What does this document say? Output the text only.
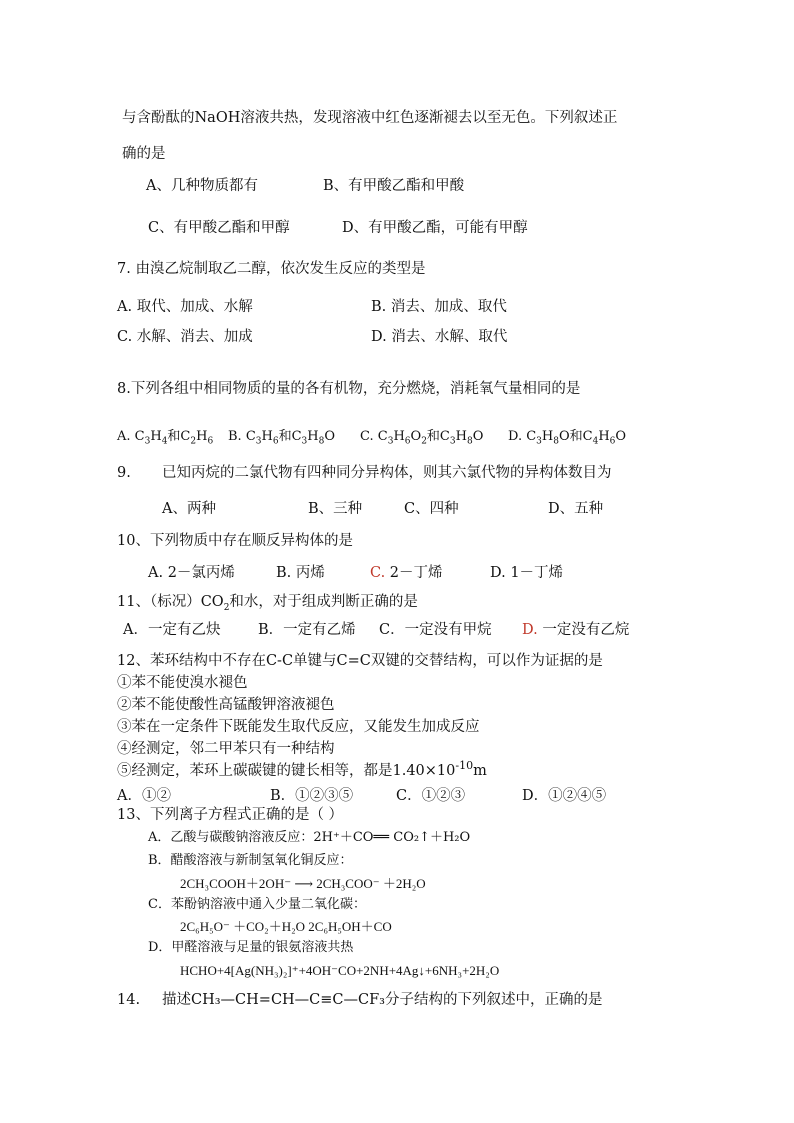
与含酚酞的NaOH溶液共热，发现溶液中红色逐渐褪去以至无色。下列叙述正
确的是
A、几种物质都有	B、有甲酸乙酯和甲酸
C、有甲酸乙酯和甲醇	D、有甲酸乙酯，可能有甲醇
7. 由溴乙烷制取乙二醇，依次发生反应的类型是
A. 取代、加成、水解	B. 消去、加成、取代
C. 水解、消去、加成	D. 消去、水解、取代
8.下列各组中相同物质的量的各有机物，充分燃烧，消耗氧气量相同的是
A. $C_3H_4$和$C_2H_6$ B. $C_3H_6$和$C_3H_8O$ C. $C_3H_6O_2$和$C_3H_8O$ D. $C_3H_8O$和$C_4H_6O$
9. 已知丙烷的二氯代物有四种同分异构体，则其六氯代物的异构体数目为
A、两种	B、三种	C、四种	D、五种
10、下列物质中存在顺反异构体的是
A. 2－氯丙烯	B. 丙烯	C. 2－丁烯	D. 1－丁烯
11、（标况）$CO_2$和水，对于组成判断正确的是
A．一定有乙炔	B．一定有乙烯 C．一定没有甲烷 D. 一定没有乙烷
12、苯环结构中不存在C-C单键与C=C双键的交替结构，可以作为证据的是
①苯不能使溴水褪色
②苯不能使酸性高锰酸钾溶液褪色
③苯在一定条件下既能发生取代反应，又能发生加成反应
④经测定，邻二甲苯只有一种结构
⑤经测定，苯环上碳碳键的键长相等，都是$1.40\times 10^{-10}m$
A．①②	B．①②③⑤	C．①②③	D．①②④⑤
13、下列离子方程式正确的是（ ）
A．乙酸与碳酸钠溶液反应：2H⁺＋CO══ CO₂↑＋H₂O
B．醋酸溶液与新制氢氧化铜反应：
2CH₃COOH＋2OH⁻ ⟶ 2CH₃COO⁻ ＋2H₂O
C．苯酚钠溶液中通入少量二氧化碳：
2C₆H₅O⁻ ＋CO₂＋H₂O 2C₆H₅OH＋CO
D．甲醛溶液与足量的银氨溶液共热
HCHO+4[Ag(NH₃)₂]⁺+4OH⁻CO+2NH+4Ag↓+6NH₃+2H₂O
14. 描述CH₃—CH=CH—C≡C—CF₃分子结构的下列叙述中，正确的是
